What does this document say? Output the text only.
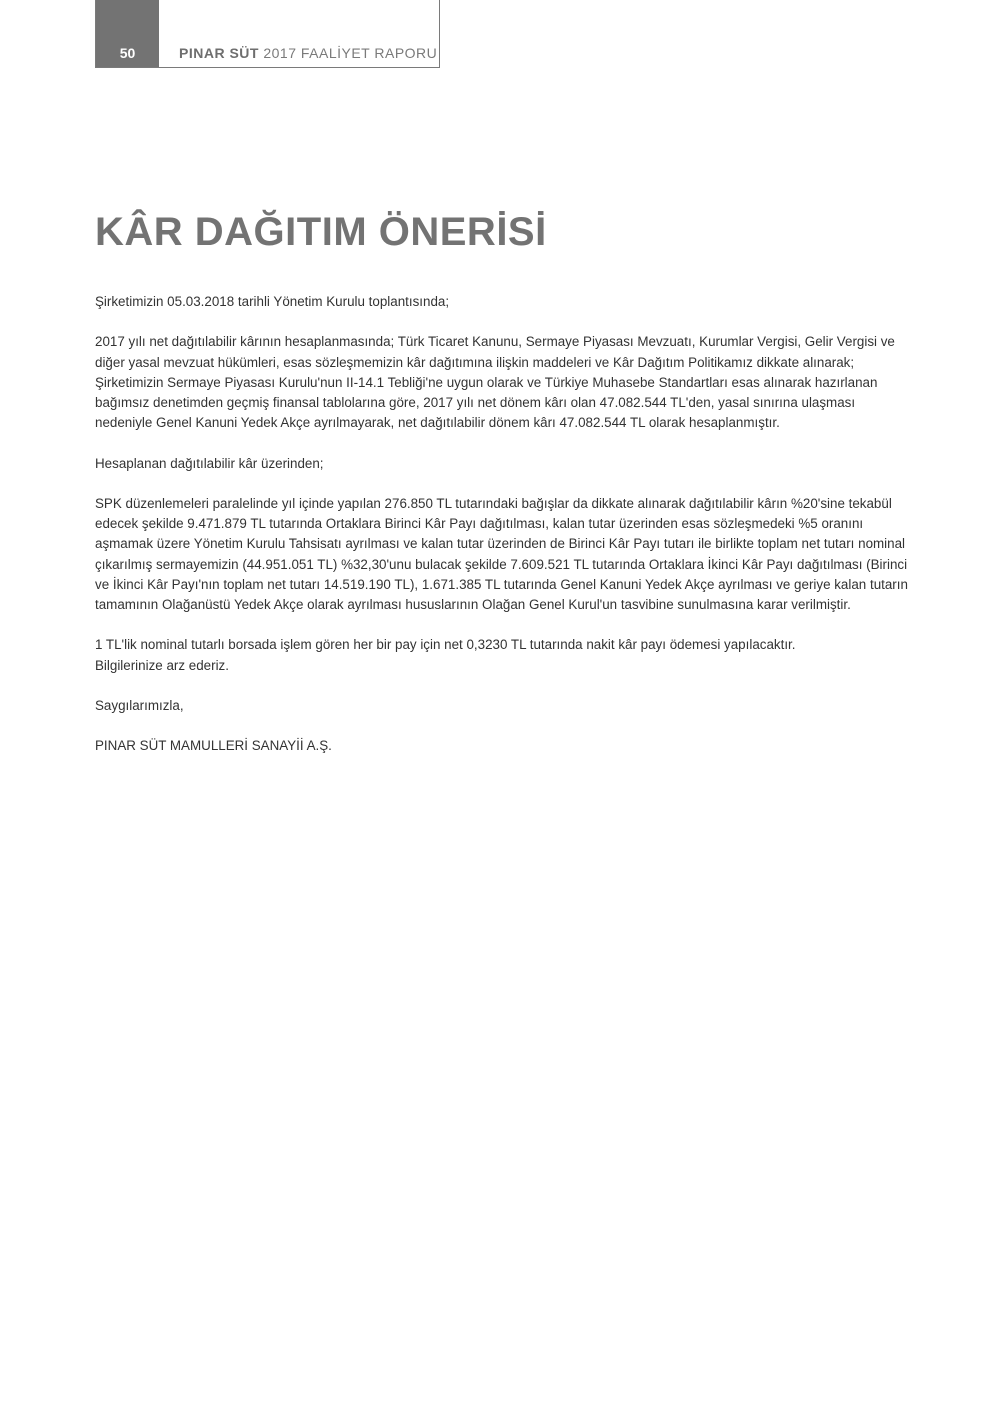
50	PINAR SÜT 2017 FAALİYET RAPORU
KÂR DAĞITIM ÖNERİSİ

Şirketimizin 05.03.2018 tarihli Yönetim Kurulu toplantısında;

2017 yılı net dağıtılabilir kârının hesaplanmasında; Türk Ticaret Kanunu, Sermaye Piyasası Mevzuatı, Kurumlar Vergisi, Gelir Vergisi ve diğer yasal mevzuat hükümleri, esas sözleşmemizin kâr dağıtımına ilişkin maddeleri ve Kâr Dağıtım Politikamız dikkate alınarak; Şirketimizin Sermaye Piyasası Kurulu'nun II-14.1 Tebliği'ne uygun olarak ve Türkiye Muhasebe Standartları esas alınarak hazırlanan bağımsız denetimden geçmiş finansal tablolarına göre, 2017 yılı net dönem kârı olan 47.082.544 TL'den, yasal sınırına ulaşması nedeniyle Genel Kanuni Yedek Akçe ayrılmayarak, net dağıtılabilir dönem kârı 47.082.544 TL olarak hesaplanmıştır.

Hesaplanan dağıtılabilir kâr üzerinden;

SPK düzenlemeleri paralelinde yıl içinde yapılan 276.850 TL tutarındaki bağışlar da dikkate alınarak dağıtılabilir kârın %20'sine tekabül edecek şekilde 9.471.879 TL tutarında Ortaklara Birinci Kâr Payı dağıtılması, kalan tutar üzerinden esas sözleşmedeki %5 oranını aşmamak üzere Yönetim Kurulu Tahsisatı ayrılması ve kalan tutar üzerinden de Birinci Kâr Payı tutarı ile birlikte toplam net tutarı nominal çıkarılmış sermayemizin (44.951.051 TL) %32,30'unu bulacak şekilde 7.609.521 TL tutarında Ortaklara İkinci Kâr Payı dağıtılması (Birinci ve İkinci Kâr Payı'nın toplam net tutarı 14.519.190 TL), 1.671.385 TL tutarında Genel Kanuni Yedek Akçe ayrılması ve geriye kalan tutarın tamamının Olağanüstü Yedek Akçe olarak ayrılması hususlarının Olağan Genel Kurul'un tasvibine sunulmasına karar verilmiştir.

1 TL'lik nominal tutarlı borsada işlem gören her bir pay için net 0,3230 TL tutarında nakit kâr payı ödemesi yapılacaktır.
Bilgilerinize arz ederiz.

Saygılarımızla,

PINAR SÜT MAMULLERİ SANAYİİ A.Ş.
